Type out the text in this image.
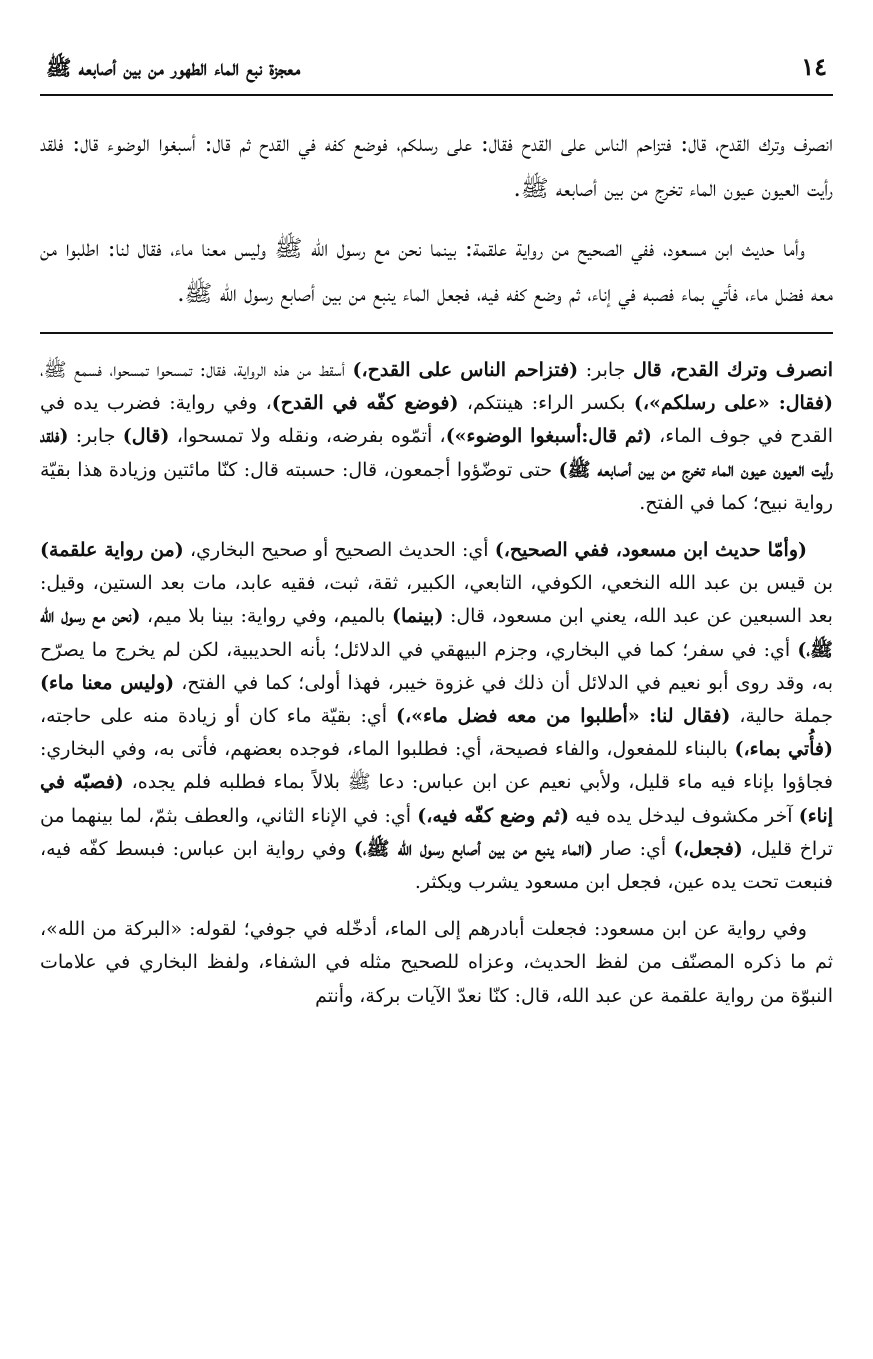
١٤
معجزة نبع الماء الطهور من بين أصابعه ﷺ

انصرف وترك القدح، قال: فتزاحم الناس على القدح فقال: على رسلكم، فوضع كفه في القدح ثم قال: أسبغوا الوضوء قال: فلقد رأيت العيون عيون الماء تخرج من بين أصابعه ﷺ.

وأما حديث ابن مسعود، ففي الصحيح من رواية علقمة: بينما نحن مع رسول الله ﷺ وليس معنا ماء، فقال لنا: اطلبوا من معه فضل ماء، فأتي بماء فصبه في إناء، ثم وضع كفه فيه، فجعل الماء ينبع من بين أصابع رسول الله ﷺ.

انصرف وترك القدح، قال جابر: (فتزاحم الناس على القدح،) أسقط من هذه الرواية، فقال: تمسحوا تمسحوا، فسمع ﷺ، (فقال: «على رسلكم»،) بكسر الراء: هينتكم، (فوضع كفّه في القدح)، وفي رواية: فضرب يده في القدح في جوف الماء، (ثم قال:أسبغوا الوضوء»)، أتمّوه بفرضه، ونقله ولا تمسحوا، (قال) جابر: (فلقد رأيت العيون عيون الماء تخرج من بين أصابعه ﷺ) حتى توضّؤوا أجمعون، قال: حسبته قال: كنّا مائتين وزيادة هذا بقيّة رواية نبيح؛ كما في الفتح.

(وأمّا حديث ابن مسعود، ففي الصحيح،) أي: الحديث الصحيح أو صحيح البخاري، (من رواية علقمة) بن قيس بن عبد الله النخعي، الكوفي، التابعي، الكبير، ثقة، ثبت، فقيه عابد، مات بعد الستين، وقيل: بعد السبعين عن عبد الله، يعني ابن مسعود، قال: (بينما) بالميم، وفي رواية: بينا بلا ميم، (نحن مع رسول الله ﷺ،) أي: في سفر؛ كما في البخاري، وجزم البيهقي في الدلائل؛ بأنه الحديبية، لكن لم يخرج ما يصرّح به، وقد روى أبو نعيم في الدلائل أن ذلك في غزوة خيبر، فهذا أولى؛ كما في الفتح، (وليس معنا ماء) جملة حالية، (فقال لنا: «أطلبوا من معه فضل ماء»،) أي: بقيّة ماء كان أو زيادة منه على حاجته، (فأُتي بماء،) بالبناء للمفعول، والفاء فصيحة، أي: فطلبوا الماء، فوجده بعضهم، فأتى به، وفي البخاري: فجاؤوا بإناء فيه ماء قليل، ولأبي نعيم عن ابن عباس: دعا ﷺ بلالاً بماء فطلبه فلم يجده، (فصبّه في إناء) آخر مكشوف ليدخل يده فيه (ثم وضع كفّه فيه،) أي: في الإناء الثاني، والعطف بثمّ، لما بينهما من تراخ قليل، (فجعل،) أي: صار (الماء ينبع من بين أصابع رسول الله ﷺ،) وفي رواية ابن عباس: فبسط كفّه فيه، فنبعت تحت يده عين، فجعل ابن مسعود يشرب ويكثر.

وفي رواية عن ابن مسعود: فجعلت أبادرهم إلى الماء، أدخّله في جوفي؛ لقوله: «البركة من الله»، ثم ما ذكره المصنّف من لفظ الحديث، وعزاه للصحيح مثله في الشفاء، ولفظ البخاري في علامات النبوّة من رواية علقمة عن عبد الله، قال: كنّا نعدّ الآيات بركة، وأنتم
